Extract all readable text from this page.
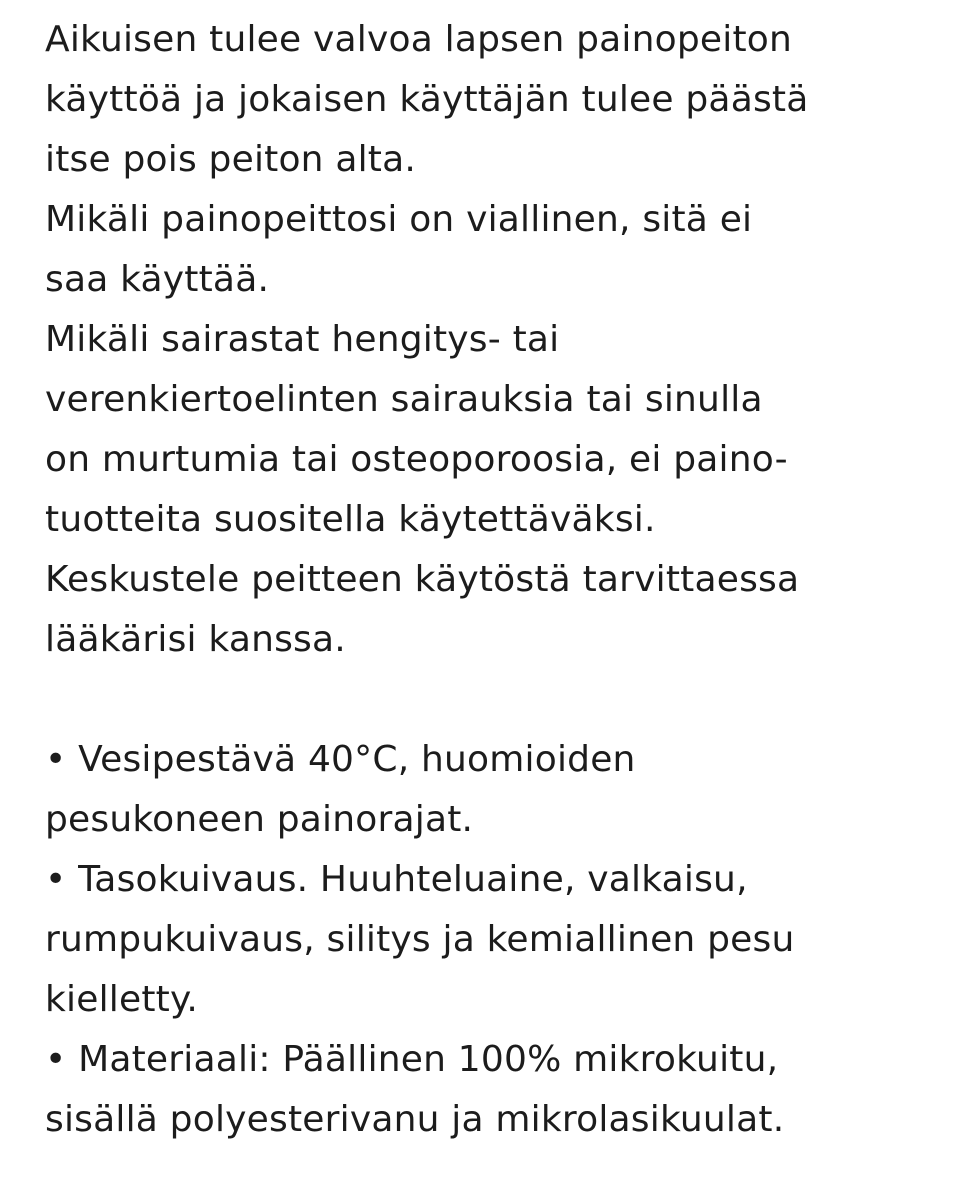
Aikuisen tulee valvoa lapsen painopeiton
käyttöä ja jokaisen käyttäjän tulee päästä
itse pois peiton alta.
Mikäli painopeittosi on viallinen, sitä ei
saa käyttää.
Mikäli sairastat hengitys- tai
verenkiertoelinten sairauksia tai sinulla
on murtumia tai osteoporoosia, ei paino-
tuotteita suositella käytettäväksi.
Keskustele peitteen käytöstä tarvittaessa
lääkärisi kanssa.
• Vesipestävä 40°C, huomioiden
pesukoneen painorajat.
• Tasokuivaus. Huuhteluaine, valkaisu,
rumpukuivaus, silitys ja kemiallinen pesu
kielletty.
• Materiaali: Päällinen 100% mikrokuitu,
sisällä polyesterivanu ja mikrolasikuulat.
